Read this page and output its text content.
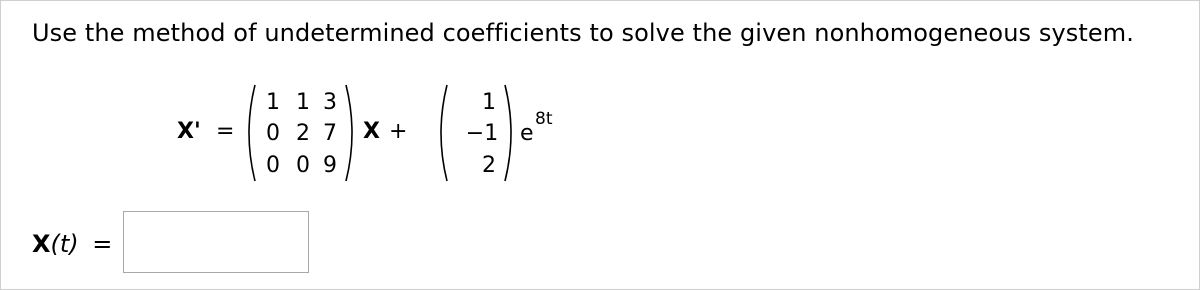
Use the method of undetermined coefficients to solve the given nonhomogeneous system.
X' =
1 1 3
0 2 7
0 0 9
X +
1
−1
2
e
8t
X(t) =
